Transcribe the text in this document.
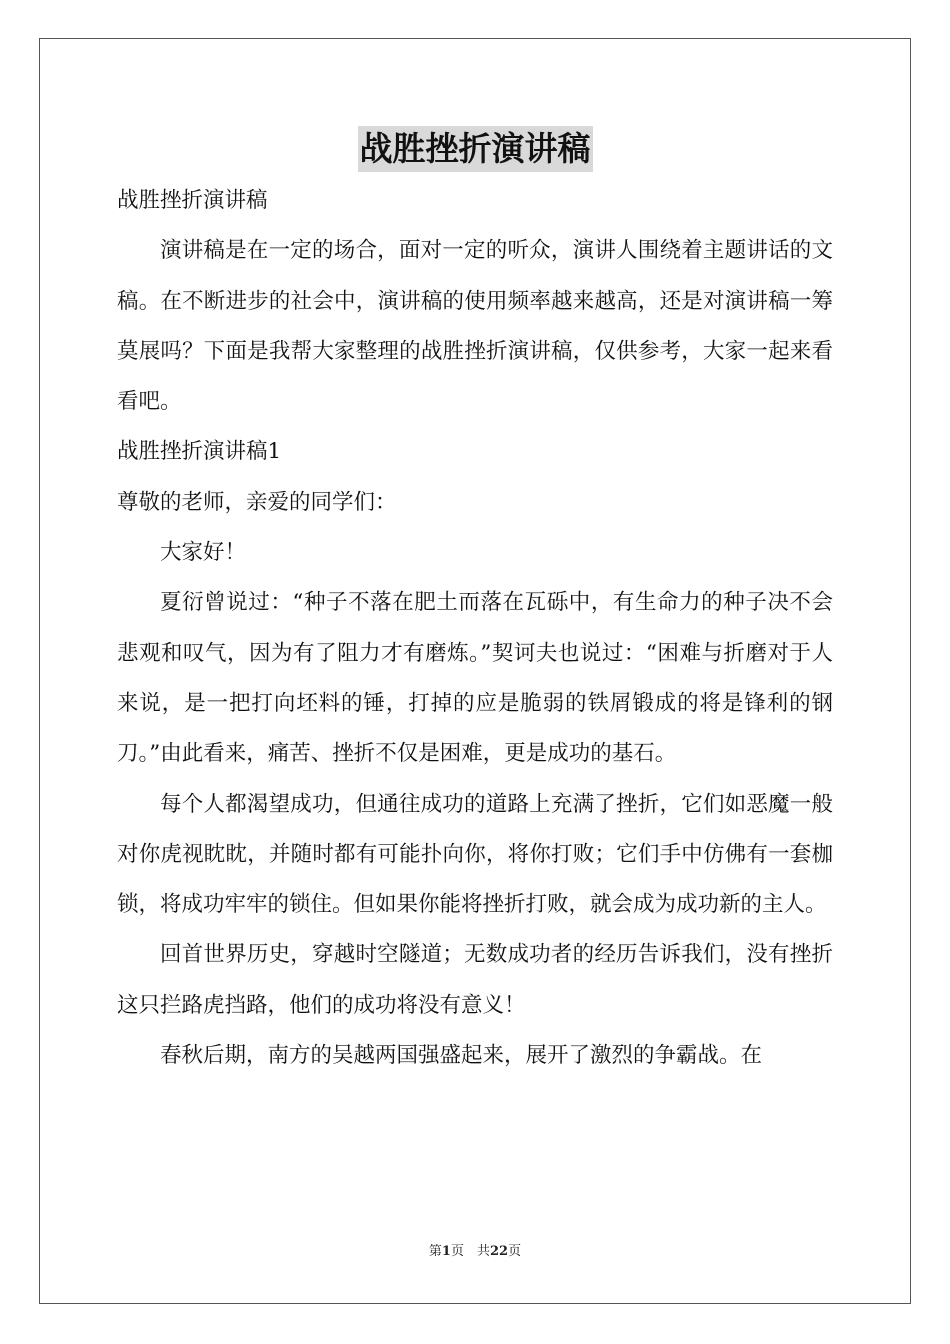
战胜挫折演讲稿

战胜挫折演讲稿

演讲稿是在一定的场合，面对一定的听众，演讲人围绕着主题讲话的文稿。在不断进步的社会中，演讲稿的使用频率越来越高，还是对演讲稿一筹莫展吗？下面是我帮大家整理的战胜挫折演讲稿，仅供参考，大家一起来看看吧。

战胜挫折演讲稿1

尊敬的老师，亲爱的同学们：

大家好！

夏衍曾说过：“种子不落在肥土而落在瓦砾中，有生命力的种子决不会悲观和叹气，因为有了阻力才有磨炼。”契诃夫也说过：“困难与折磨对于人来说，是一把打向坯料的锤，打掉的应是脆弱的铁屑锻成的将是锋利的钢刀。”由此看来，痛苦、挫折不仅是困难，更是成功的基石。

每个人都渴望成功，但通往成功的道路上充满了挫折，它们如恶魔一般对你虎视眈眈，并随时都有可能扑向你，将你打败；它们手中仿佛有一套枷锁，将成功牢牢的锁住。但如果你能将挫折打败，就会成为成功新的主人。

回首世界历史，穿越时空隧道；无数成功者的经历告诉我们，没有挫折这只拦路虎挡路，他们的成功将没有意义！

春秋后期，南方的吴越两国强盛起来，展开了激烈的争霸战。在

第1页　共22页
